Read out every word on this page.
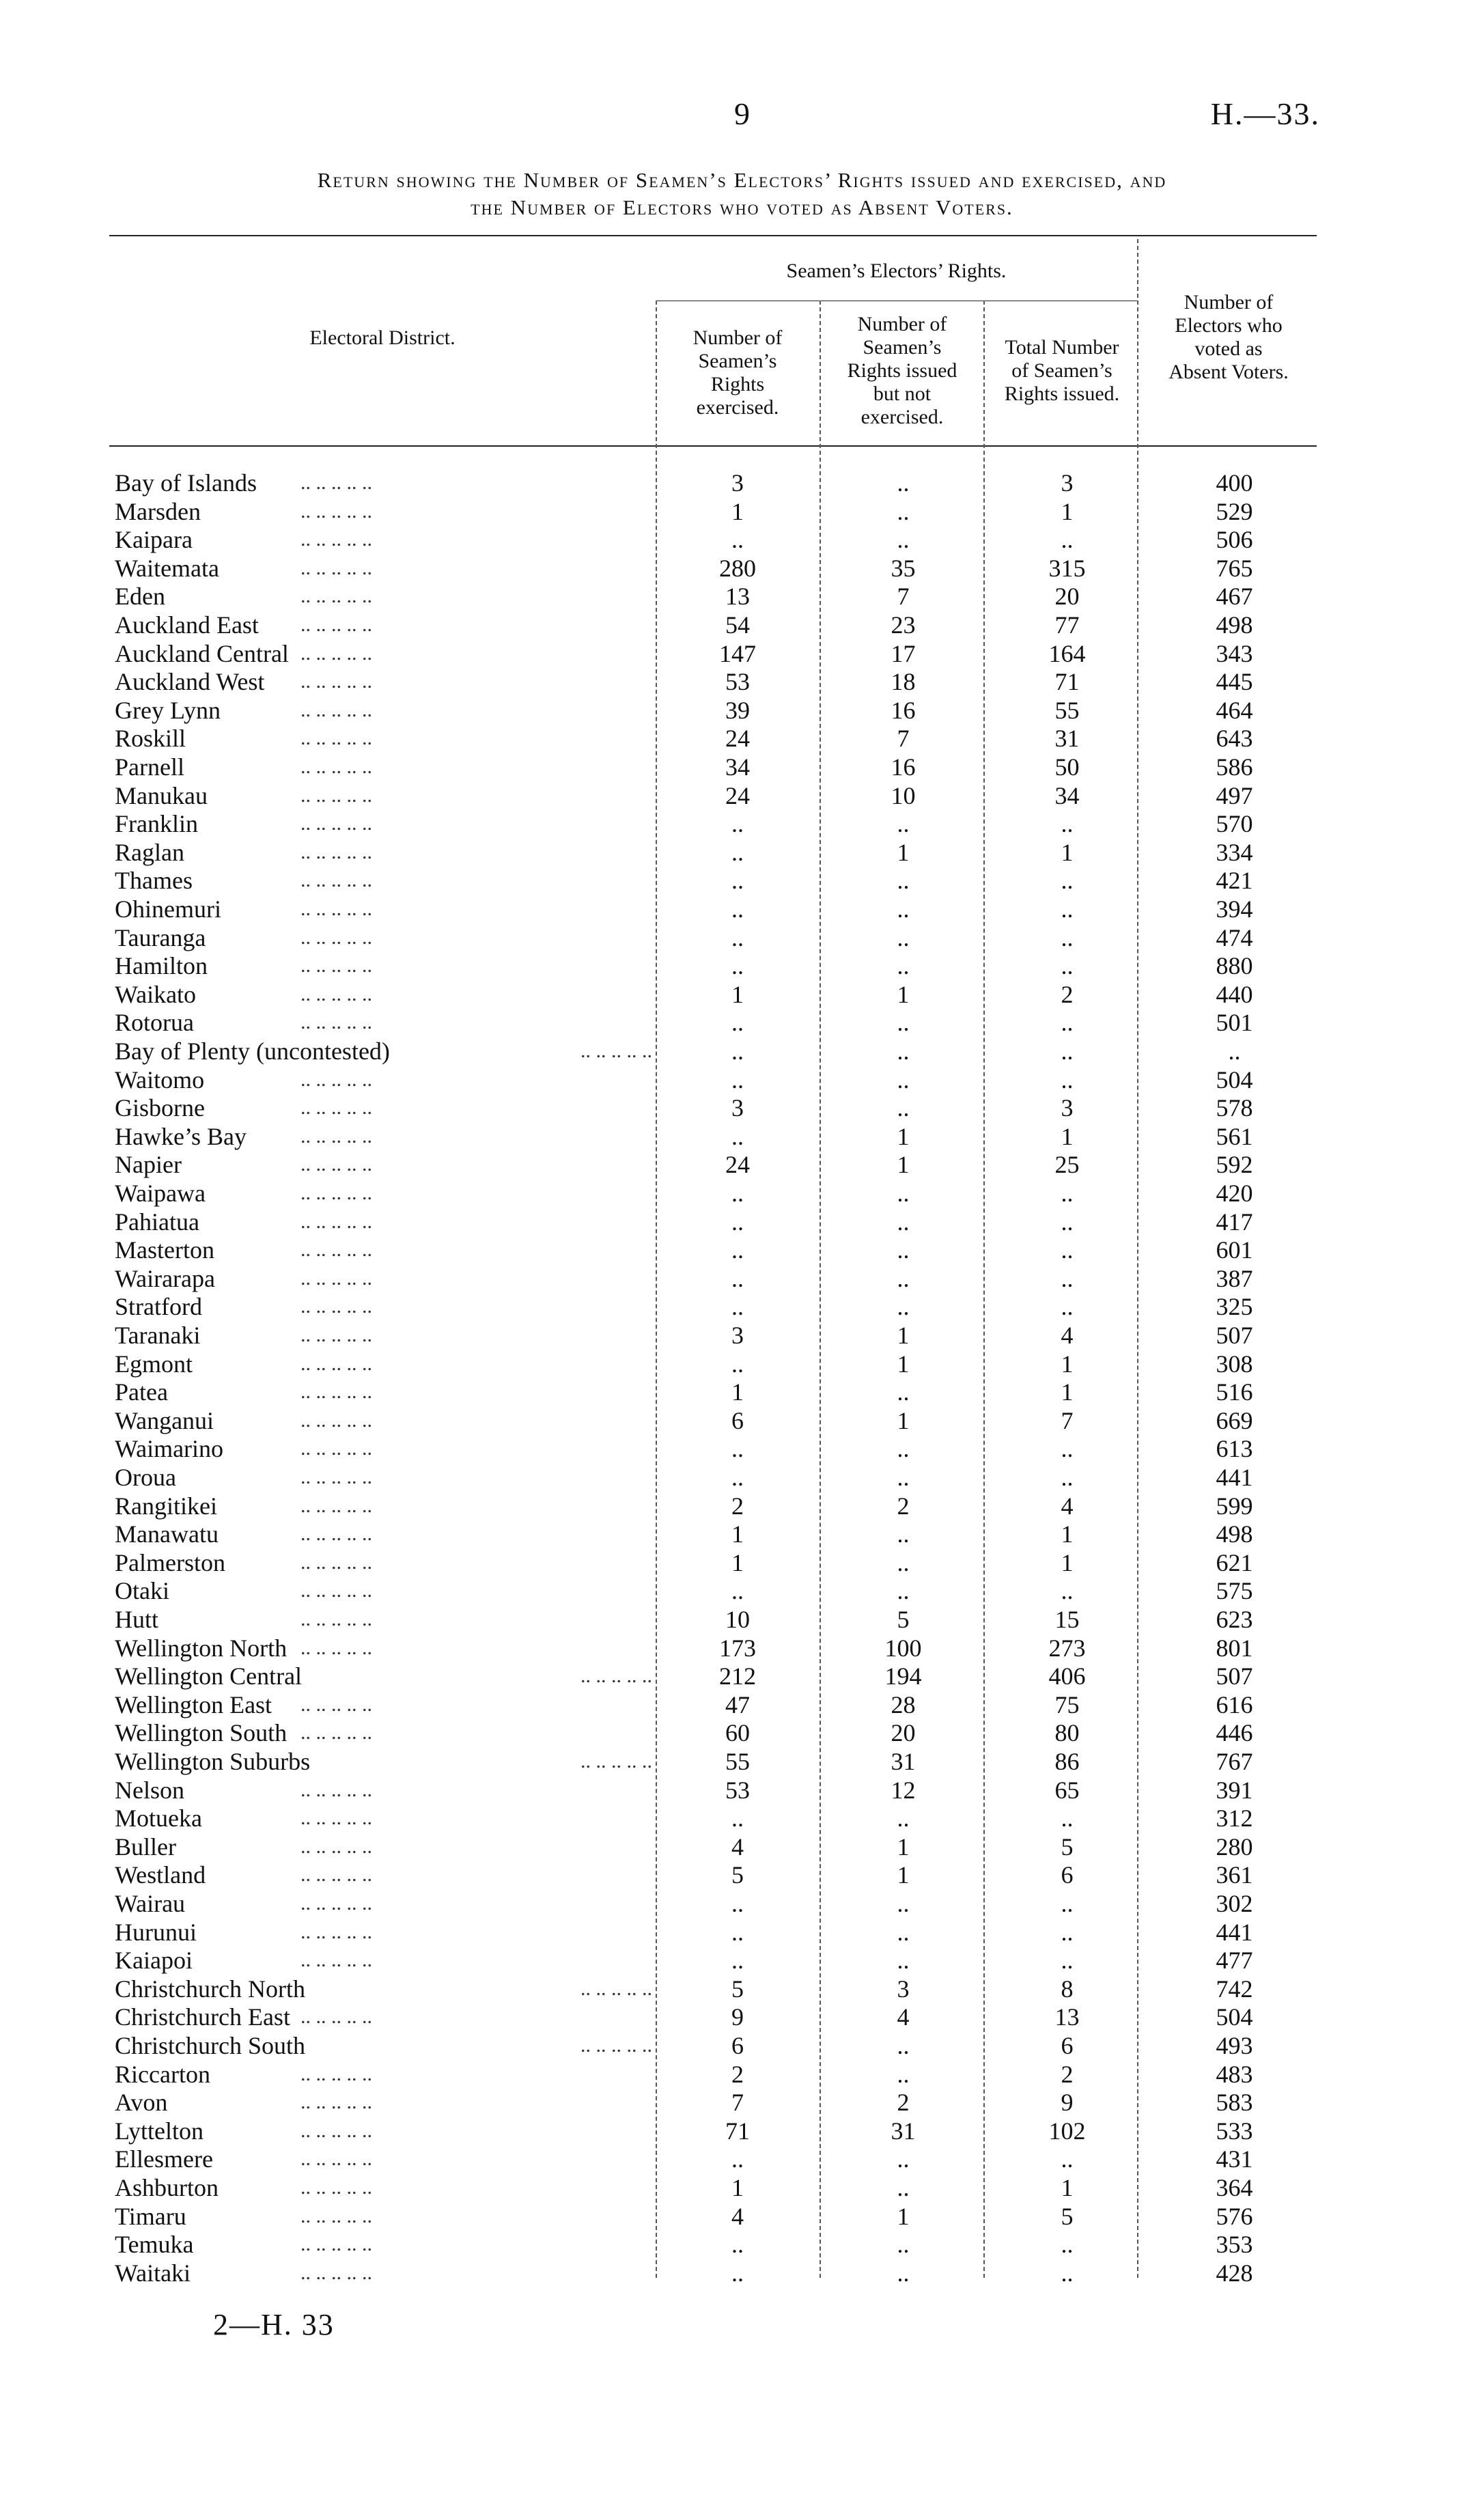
9	H.—33.
Return showing the Number of Seamen’s Electors’ Rights issued and exercised, and
the Number of Electors who voted as Absent Voters.
Electoral District.
Seamen’s Electors’ Rights.
Number of
Seamen’s
Rights
exercised.
Number of
Seamen’s
Rights issued
but not
exercised.
Total Number
of Seamen’s
Rights issued.
Number of
Electors who
voted as
Absent Voters.
Bay of Islands .. .. .. .. ..	3	..	3	400
Marsden	.. .. .. .. ..	1	..	1	529
Kaipara	.. .. .. .. ..	..	..	..	506
Waitemata	.. .. .. .. ..	280	35	315	765
Eden	.. .. .. .. ..	13	7	20	467
Auckland East .. .. .. .. ..	54	23	77	498
Auckland Central .. .. .. .. ..	147	17	164	343
Auckland West .. .. .. .. ..	53	18	71	445
Grey Lynn	.. .. .. .. ..	39	16	55	464
Roskill	.. .. .. .. ..	24	7	31	643
Parnell	.. .. .. .. ..	34	16	50	586
Manukau	.. .. .. .. ..	24	10	34	497
Franklin	.. .. .. .. ..	..	..	..	570
Raglan	.. .. .. .. ..	..	1	1	334
Thames	.. .. .. .. ..	..	..	..	421
Ohinemuri	.. .. .. .. ..	..	..	..	394
Tauranga	.. .. .. .. ..	..	..	..	474
Hamilton	.. .. .. .. ..	..	..	..	880
Waikato	.. .. .. .. ..	1	1	2	440
Rotorua	.. .. .. .. ..	..	..	..	501
Bay of Plenty (uncontested)	.. .. .. .. ..	..	..	..	..
Waitomo	.. .. .. .. ..	..	..	..	504
Gisborne	.. .. .. .. ..	3	..	3	578
Hawke’s Bay	.. .. .. .. ..	..	1	1	561
Napier	.. .. .. .. ..	24	1	25	592
Waipawa	.. .. .. .. ..	..	..	..	420
Pahiatua	.. .. .. .. ..	..	..	..	417
Masterton	.. .. .. .. ..	..	..	..	601
Wairarapa	.. .. .. .. ..	..	..	..	387
Stratford	.. .. .. .. ..	..	..	..	325
Taranaki	.. .. .. .. ..	3	1	4	507
Egmont	.. .. .. .. ..	..	1	1	308
Patea	.. .. .. .. ..	1	..	1	516
Wanganui	.. .. .. .. ..	6	1	7	669
Waimarino	.. .. .. .. ..	..	..	..	613
Oroua	.. .. .. .. ..	..	..	..	441
Rangitikei	.. .. .. .. ..	2	2	4	599
Manawatu	.. .. .. .. ..	1	..	1	498
Palmerston	.. .. .. .. ..	1	..	1	621
Otaki	.. .. .. .. ..	..	..	..	575
Hutt	.. .. .. .. ..	10	5	15	623
Wellington North .. .. .. .. ..	173	100	273	801
Wellington Central	.. .. .. .. ..	212	194	406	507
Wellington East .. .. .. .. ..	47	28	75	616
Wellington South .. .. .. .. ..	60	20	80	446
Wellington Suburbs	.. .. .. .. ..	55	31	86	767
Nelson	.. .. .. .. ..	53	12	65	391
Motueka	.. .. .. .. ..	..	..	..	312
Buller	.. .. .. .. ..	4	1	5	280
Westland	.. .. .. .. ..	5	1	6	361
Wairau	.. .. .. .. ..	..	..	..	302
Hurunui	.. .. .. .. ..	..	..	..	441
Kaiapoi	.. .. .. .. ..	..	..	..	477
Christchurch North	.. .. .. .. ..	5	3	8	742
Christchurch East .. .. .. .. ..	9	4	13	504
Christchurch South	.. .. .. .. ..	6	..	6	493
Riccarton	.. .. .. .. ..	2	..	2	483
Avon	.. .. .. .. ..	7	2	9	583
Lyttelton	.. .. .. .. ..	71	31	102	533
Ellesmere	.. .. .. .. ..	..	..	..	431
Ashburton	.. .. .. .. ..	1	..	1	364
Timaru	.. .. .. .. ..	4	1	5	576
Temuka	.. .. .. .. ..	..	..	..	353
Waitaki	.. .. .. .. ..	..	..	..	428
2—H. 33
